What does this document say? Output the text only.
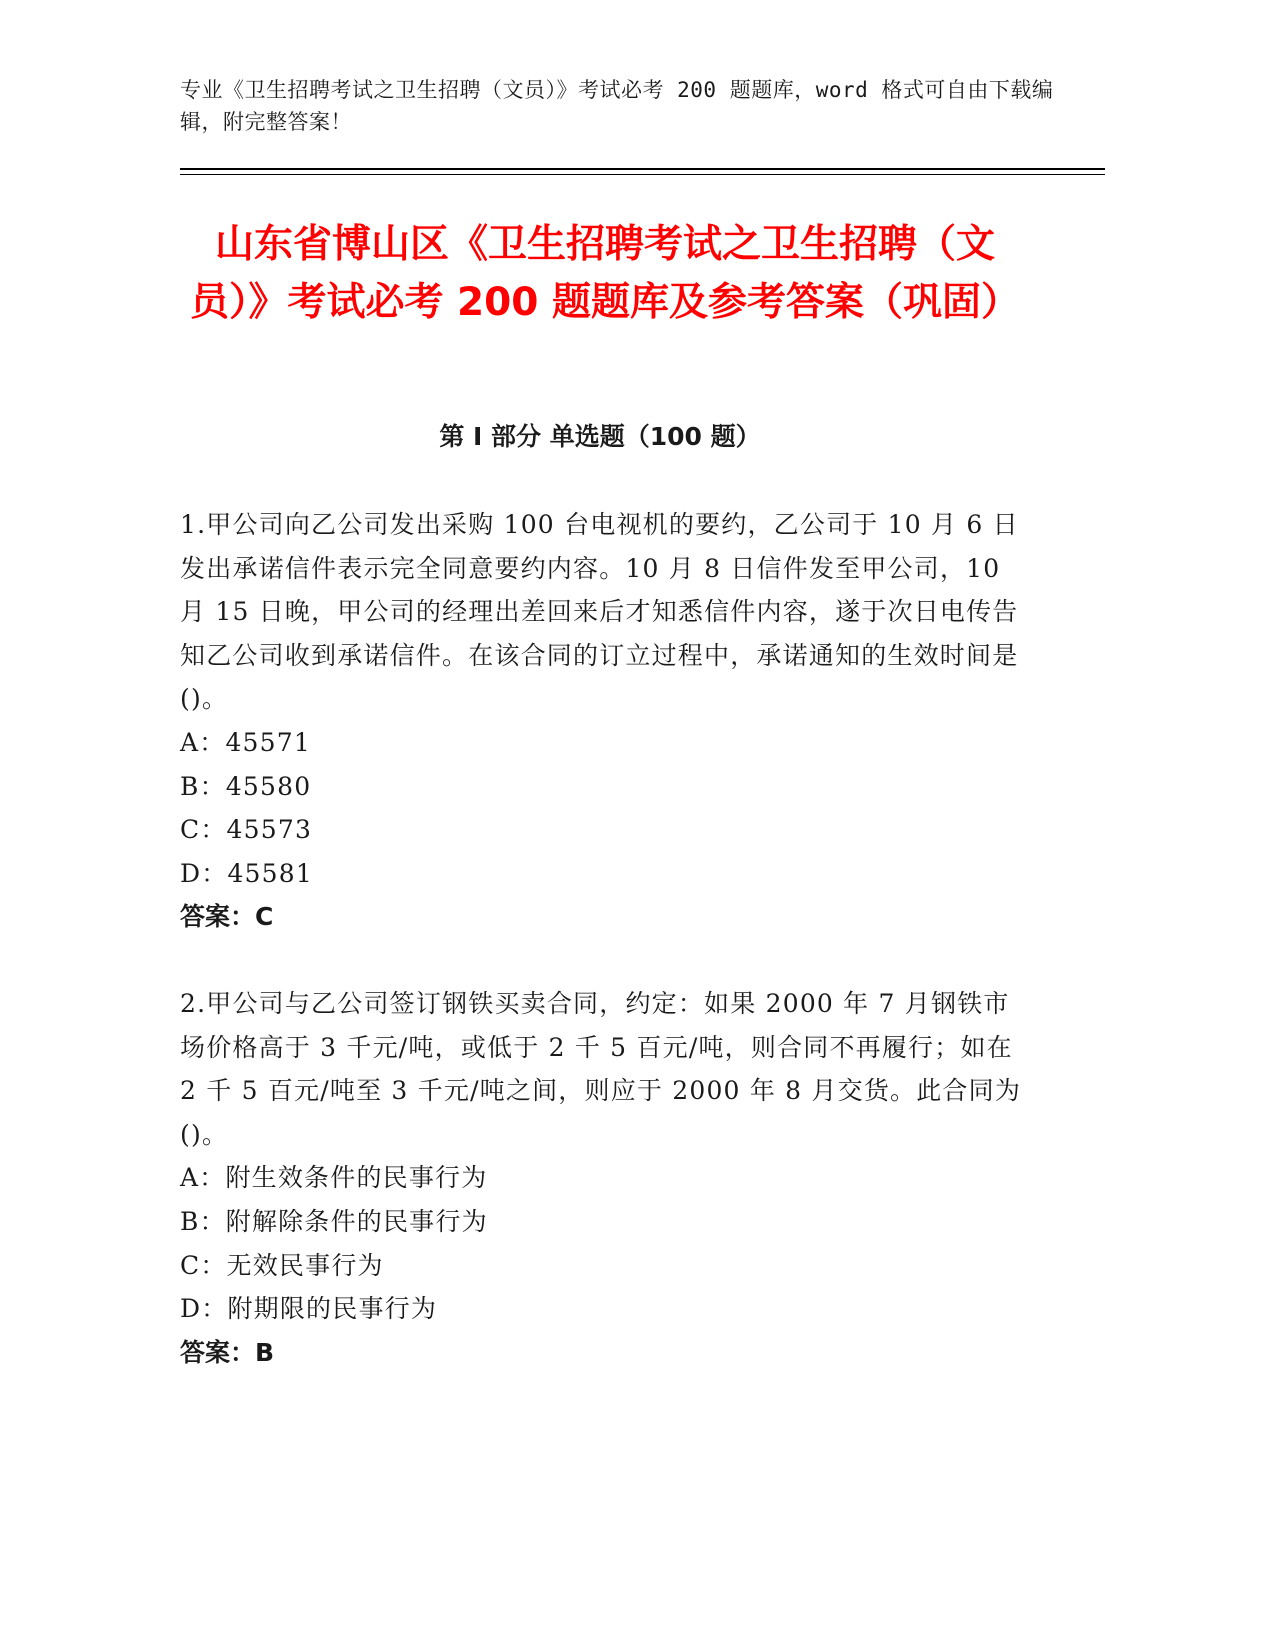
专业《卫生招聘考试之卫生招聘（文员）》考试必考 200 题题库，word 格式可自由下载编辑，附完整答案！
山东省博山区《卫生招聘考试之卫生招聘（文员）》考试必考 200 题题库及参考答案（巩固）
第 I 部分 单选题（100 题）

1.甲公司向乙公司发出采购 100 台电视机的要约，乙公司于 10 月 6 日发出承诺信件表示完全同意要约内容。10 月 8 日信件发至甲公司，10 月 15 日晚，甲公司的经理出差回来后才知悉信件内容，遂于次日电传告知乙公司收到承诺信件。在该合同的订立过程中，承诺通知的生效时间是()。

A：45571

B：45580

C：45573

D：45581

答案：C

2.甲公司与乙公司签订钢铁买卖合同，约定：如果 2000 年 7 月钢铁市场价格高于 3 千元/吨，或低于 2 千 5 百元/吨，则合同不再履行；如在 2 千 5 百元/吨至 3 千元/吨之间，则应于 2000 年 8 月交货。此合同为()。

A：附生效条件的民事行为

B：附解除条件的民事行为

C：无效民事行为

D：附期限的民事行为

答案：B
